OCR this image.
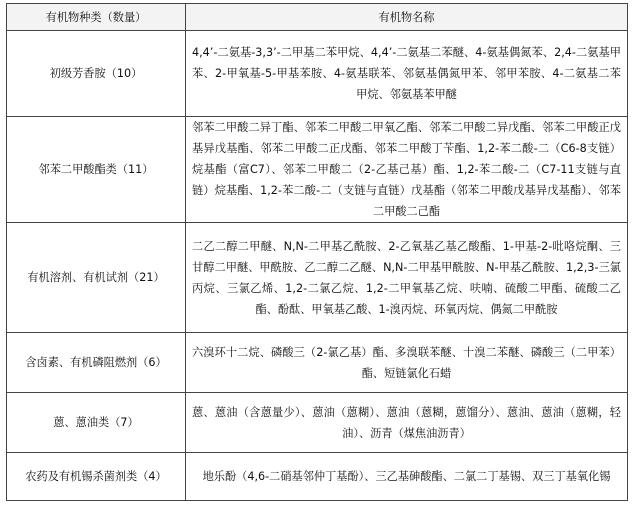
有机物种类（数量）	有机物名称
初级芳香胺（10）	4,4’-二氨基-3,3’-二甲基二苯甲烷、4,4’-二氨基二苯醚、4-氨基偶氮苯、2,4-二氨基甲苯、2-甲氧基-5-甲基苯胺、4-氨基联苯、邻氨基偶氮甲苯、邻甲苯胺、4-二氨基二苯甲烷、邻氨基苯甲醚
邻苯二甲酸酯类（11）	邻苯二甲酸二异丁酯、邻苯二甲酸二甲氧乙酯、邻苯二甲酸二异戊酯、邻苯二甲酸正戊基异戊基酯、邻苯二甲酸二正戊酯、邻苯二甲酸丁苄酯、1,2-苯二酸-二（C6-8支链）烷基酯（富C7）、邻苯二甲酸二（2-乙基己基）酯、1,2-苯二酸-二（C7-11支链与直链）烷基酯、1,2-苯二酸-二（支链与直链）戊基酯（邻苯二甲酸戊基异戊基酯）、邻苯二甲酸二己酯
有机溶剂、有机试剂（21）	二乙二醇二甲醚、N,N-二甲基乙酰胺、2-乙氧基乙基乙酸酯、1-甲基-2-吡咯烷酮、三甘醇二甲醚、甲酰胺、乙二醇二乙醚、N,N-二甲基甲酰胺、N-甲基乙酰胺、1,2,3-三氯丙烷、三氯乙烯、1,2-二氯乙烷、1,2-二甲氧基乙烷、呋喃、硫酸二甲酯、硫酸二乙酯、酚酞、甲氧基乙酸、1-溴丙烷、环氧丙烷、偶氮二甲酰胺
含卤素、有机磷阻燃剂（6）	六溴环十二烷、磷酸三（2-氯乙基）酯、多溴联苯醚、十溴二苯醚、磷酸三（二甲苯）酯、短链氯化石蜡
蒽、蒽油类（7）	蒽、蒽油（含蒽量少）、蒽油（蒽糊）、蒽油（蒽糊，蒽馏分）、蒽油、蒽油（蒽糊，轻油）、沥青（煤焦油沥青）
农药及有机锡杀菌剂类（4）	地乐酚（4,6-二硝基邻仲丁基酚）、三乙基砷酸酯、二氯二丁基锡、双三丁基氧化锡
